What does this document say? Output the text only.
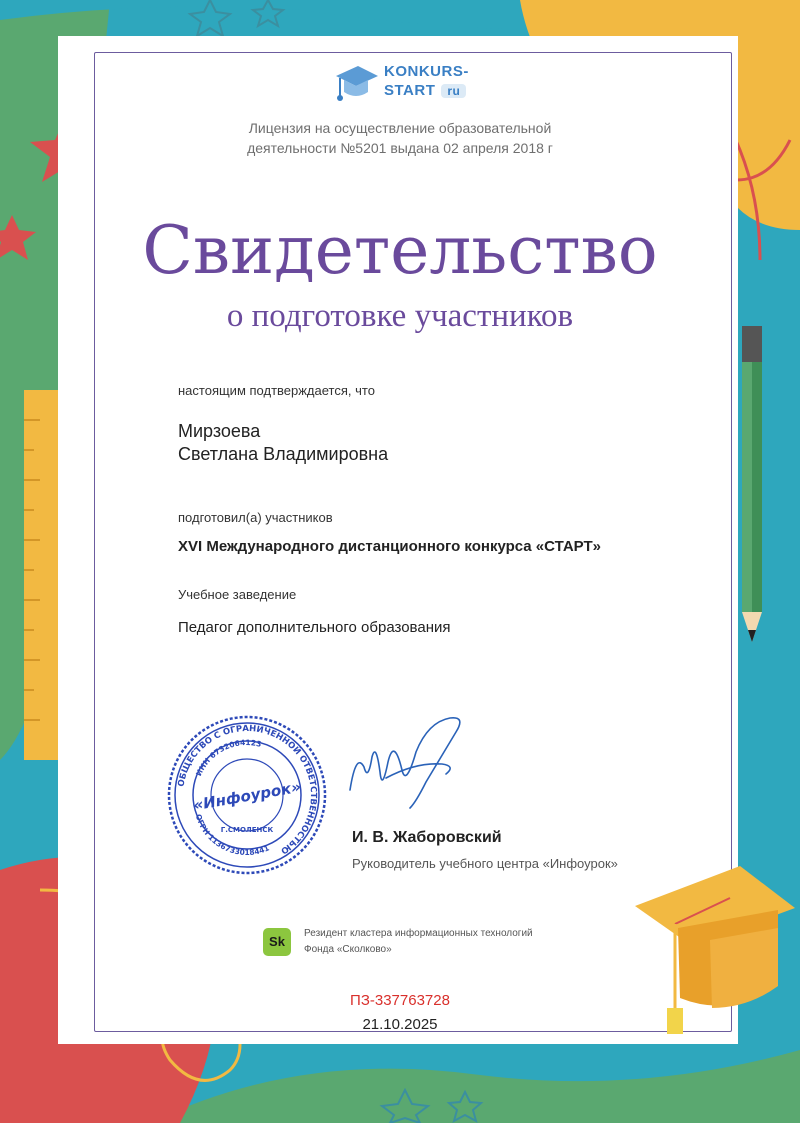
KONKURS-
START ru
Лицензия на осуществление образовательной
деятельности №5201 выдана 02 апреля 2018 г
Свидетельство
о подготовке участников
настоящим подтверждается, что
Мирзоева
Светлана Владимировна
подготовил(а) участников
XVI Международного дистанционного конкурса «СТАРТ»
Учебное заведение
Педагог дополнительного образования
ОБЩЕСТВО С ОГРАНИЧЕННОЙ ОТВЕТСТВЕННОСТЬЮ
ИНН 6732064123
ОГРН 1136733018441
Г.СМОЛЕНСК
«Инфоурок»
И. В. Жаборовский
Руководитель учебного центра «Инфоурок»
Sk
Резидент кластера информационных технологий
Фонда «Сколково»
ПЗ-337763728
21.10.2025
